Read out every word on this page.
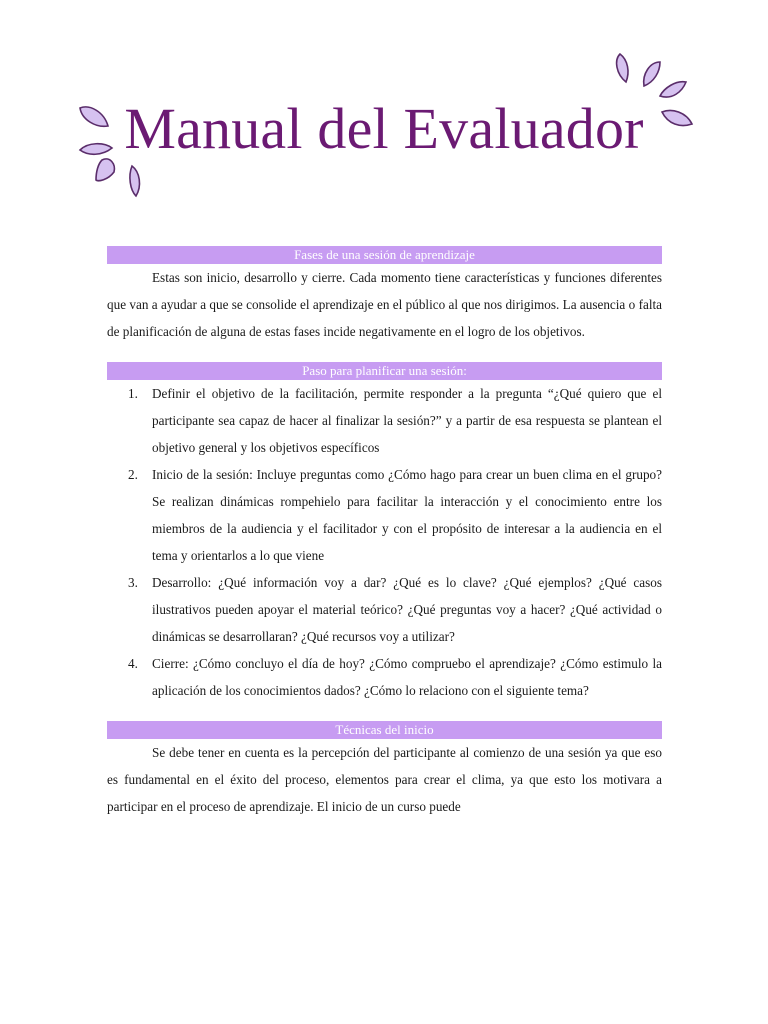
Manual del Evaluador
Fases de una sesión de aprendizaje

Estas son inicio, desarrollo y cierre. Cada momento tiene características y funciones diferentes que van a ayudar a que se consolide el aprendizaje en el público al que nos dirigimos. La ausencia o falta de planificación de alguna de estas fases incide negativamente en el logro de los objetivos.

Paso para planificar una sesión:
1. Definir el objetivo de la facilitación, permite responder a la pregunta “¿Qué quiero que el participante sea capaz de hacer al finalizar la sesión?” y a partir de esa respuesta se plantean el objetivo general y los objetivos específicos
2. Inicio de la sesión: Incluye preguntas como ¿Cómo hago para crear un buen clima en el grupo? Se realizan dinámicas rompehielo para facilitar la interacción y el conocimiento entre los miembros de la audiencia y el facilitador y con el propósito de interesar a la audiencia en el tema y orientarlos a lo que viene
3. Desarrollo: ¿Qué información voy a dar? ¿Qué es lo clave? ¿Qué ejemplos? ¿Qué casos ilustrativos pueden apoyar el material teórico? ¿Qué preguntas voy a hacer? ¿Qué actividad o dinámicas se desarrollaran? ¿Qué recursos voy a utilizar?
4. Cierre: ¿Cómo concluyo el día de hoy? ¿Cómo compruebo el aprendizaje? ¿Cómo estimulo la aplicación de los conocimientos dados? ¿Cómo lo relaciono con el siguiente tema?
Técnicas del inicio

Se debe tener en cuenta es la percepción del participante al comienzo de una sesión ya que eso es fundamental en el éxito del proceso, elementos para crear el clima, ya que esto los motivara a participar en el proceso de aprendizaje. El inicio de un curso puede
